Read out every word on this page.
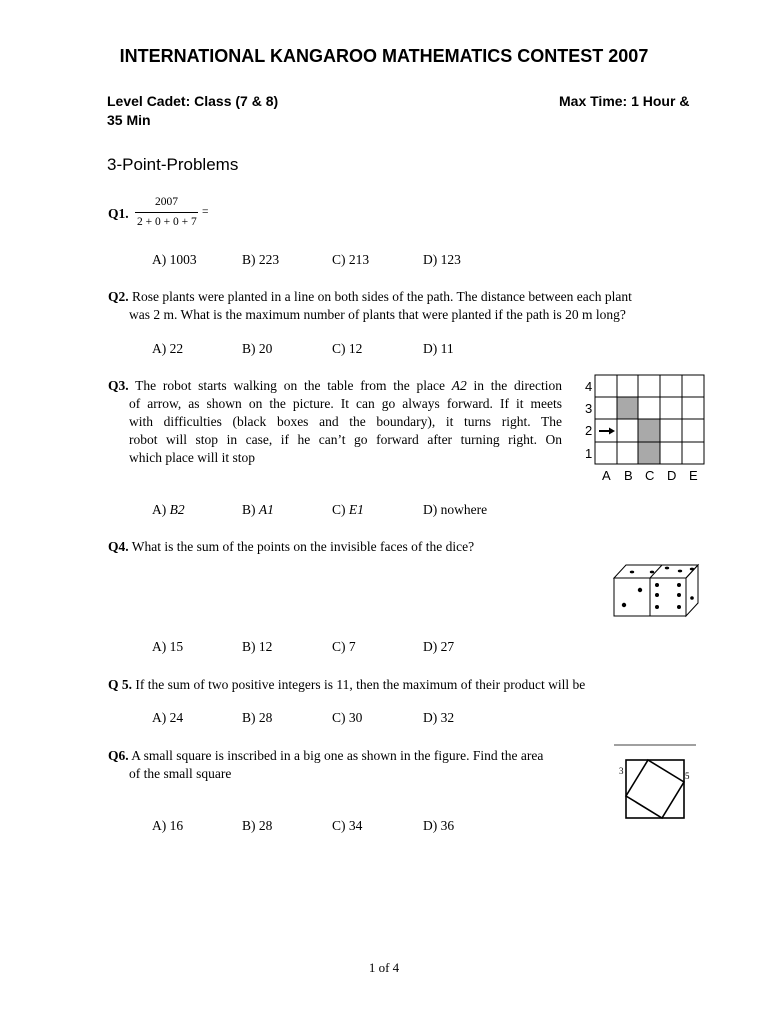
INTERNATIONAL KANGAROO MATHEMATICS CONTEST 2007
Level Cadet: Class (7 & 8)	Max Time: 1 Hour &
35 Min
3-Point-Problems
Q1.
2007
2 + 0 + 0 + 7
=
A) 1003	B) 223	C) 213	D) 123
Q2. Rose plants were planted in a line on both sides of the path. The distance between each plant
was 2 m. What is the maximum number of plants that were planted if the path is 20 m long?
A) 22	B) 20	C) 12	D) 11
Q3. The robot starts walking on the table from the place A2 in the direction
of arrow, as shown on the picture. It can go always forward. If it meets
with difficulties (black boxes and the boundary), it turns right. The
robot will stop in case, if he can’t go forward after turning right. On
which place will it stop
4
3
2
1
A B C D E
A) B2	B) A1	C) E1	D) nowhere
Q4. What is the sum of the points on the invisible faces of the dice?
A) 15	B) 12	C) 7	D) 27
Q 5. If the sum of two positive integers is 11, then the maximum of their product will be
A) 24	B) 28	C) 30	D) 32
Q6. A small square is inscribed in a big one as shown in the figure. Find the area
of the small square	3	5
A) 16	B) 28	C) 34	D) 36
1 of 4
